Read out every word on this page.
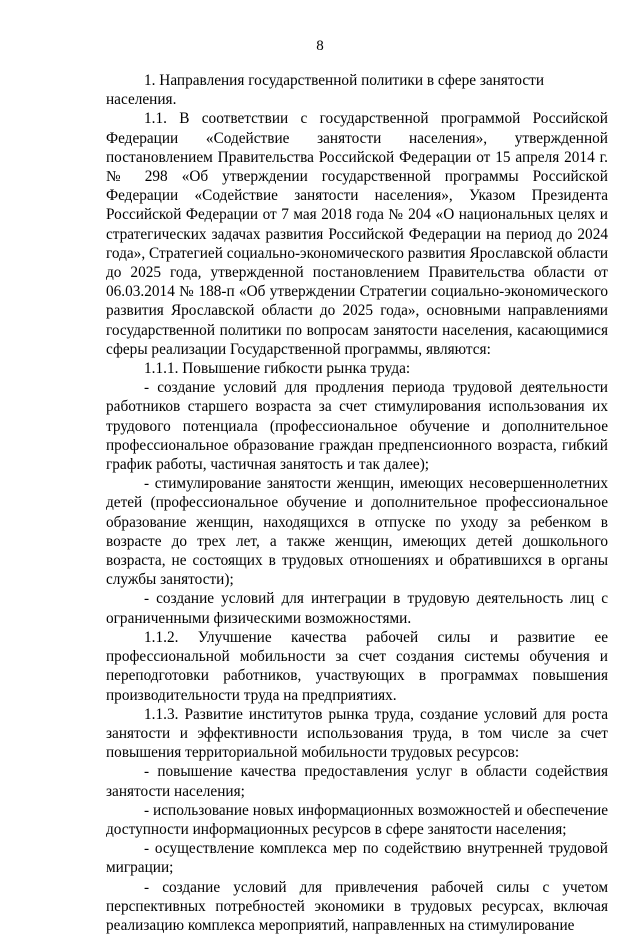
8

1. Направления государственной политики в сфере занятости населения.

1.1. В соответствии с государственной программой Российской Федерации «Содействие занятости населения», утвержденной постановлением Правительства Российской Федерации от 15 апреля 2014 г. № 298 «Об утверждении государственной программы Российской Федерации «Содействие занятости населения», Указом Президента Российской Федерации от 7 мая 2018 года № 204 «О национальных целях и стратегических задачах развития Российской Федерации на период до 2024 года», Стратегией социально-экономического развития Ярославской области до 2025 года, утвержденной постановлением Правительства области от 06.03.2014 № 188-п «Об утверждении Стратегии социально-экономического развития Ярославской области до 2025 года», основными направлениями государственной политики по вопросам занятости населения, касающимися сферы реализации Государственной программы, являются:

1.1.1. Повышение гибкости рынка труда:

- создание условий для продления периода трудовой деятельности работников старшего возраста за счет стимулирования использования их трудового потенциала (профессиональное обучение и дополнительное профессиональное образование граждан предпенсионного возраста, гибкий график работы, частичная занятость и так далее);

- стимулирование занятости женщин, имеющих несовершеннолетних детей (профессиональное обучение и дополнительное профессиональное образование женщин, находящихся в отпуске по уходу за ребенком в возрасте до трех лет, а также женщин, имеющих детей дошкольного возраста, не состоящих в трудовых отношениях и обратившихся в органы службы занятости);

- создание условий для интеграции в трудовую деятельность лиц с ограниченными физическими возможностями.

1.1.2. Улучшение качества рабочей силы и развитие ее профессиональной мобильности за счет создания системы обучения и переподготовки работников, участвующих в программах повышения производительности труда на предприятиях.

1.1.3. Развитие институтов рынка труда, создание условий для роста занятости и эффективности использования труда, в том числе за счет повышения территориальной мобильности трудовых ресурсов:

- повышение качества предоставления услуг в области содействия занятости населения;

- использование новых информационных возможностей и обеспечение доступности информационных ресурсов в сфере занятости населения;

- осуществление комплекса мер по содействию внутренней трудовой миграции;

- создание условий для привлечения рабочей силы с учетом перспективных потребностей экономики в трудовых ресурсах, включая реализацию комплекса мероприятий, направленных на стимулирование
